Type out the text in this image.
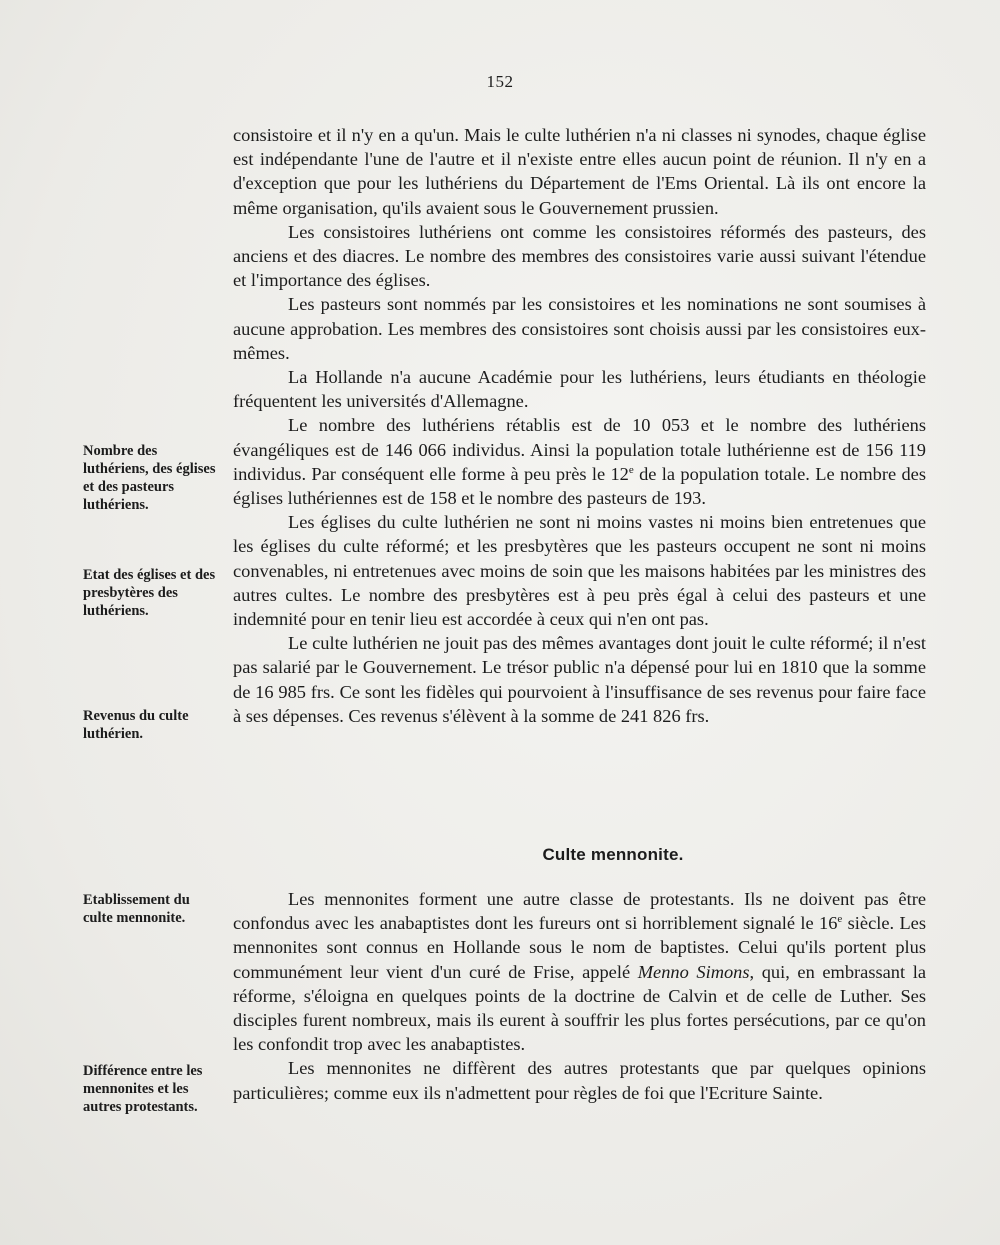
152

consistoire et il n'y en a qu'un. Mais le culte luthérien n'a ni classes ni synodes, chaque église est indépendante l'une de l'autre et il n'existe entre elles aucun point de réunion. Il n'y en a d'exception que pour les luthériens du Département de l'Ems Oriental. Là ils ont encore la même organisation, qu'ils avaient sous le Gouvernement prussien.

Les consistoires luthériens ont comme les consistoires réformés des pasteurs, des anciens et des diacres. Le nombre des membres des consistoires varie aussi suivant l'étendue et l'importance des églises.

Les pasteurs sont nommés par les consistoires et les nominations ne sont soumises à aucune approbation. Les membres des consistoires sont choisis aussi par les consistoires eux-mêmes.

La Hollande n'a aucune Académie pour les luthériens, leurs étudiants en théologie fréquentent les universités d'Allemagne.

Le nombre des luthériens rétablis est de 10 053 et le nombre des luthériens évangéliques est de 146 066 individus. Ainsi la population totale luthérienne est de 156 119 individus. Par conséquent elle forme à peu près le 12e de la population totale. Le nombre des églises luthériennes est de 158 et le nombre des pasteurs de 193.

Les églises du culte luthérien ne sont ni moins vastes ni moins bien entretenues que les églises du culte réformé; et les presbytères que les pasteurs occupent ne sont ni moins convenables, ni entretenues avec moins de soin que les maisons habitées par les ministres des autres cultes. Le nombre des presbytères est à peu près égal à celui des pasteurs et une indemnité pour en tenir lieu est accordée à ceux qui n'en ont pas.

Le culte luthérien ne jouit pas des mêmes avantages dont jouit le culte réformé; il n'est pas salarié par le Gouvernement. Le trésor public n'a dépensé pour lui en 1810 que la somme de 16 985 frs. Ce sont les fidèles qui pourvoient à l'insuffisance de ses revenus pour faire face à ses dépenses. Ces revenus s'élèvent à la somme de 241 826 frs.

Culte mennonite.

Les mennonites forment une autre classe de protestants. Ils ne doivent pas être confondus avec les anabaptistes dont les fureurs ont si horriblement signalé le 16e siècle. Les mennonites sont connus en Hollande sous le nom de baptistes. Celui qu'ils portent plus communément leur vient d'un curé de Frise, appelé Menno Simons, qui, en embrassant la réforme, s'éloigna en quelques points de la doctrine de Calvin et de celle de Luther. Ses disciples furent nombreux, mais ils eurent à souffrir les plus fortes persécutions, par ce qu'on les confondit trop avec les anabaptistes.

Les mennonites ne diffèrent des autres protestants que par quelques opinions particulières; comme eux ils n'admettent pour règles de foi que l'Ecriture Sainte.

Nombre des luthériens, des églises et des pasteurs luthériens.
Etat des églises et des presbytères des luthériens.
Revenus du culte luthérien.
Etablissement du culte mennonite.
Différence entre les mennonites et les autres protestants.
